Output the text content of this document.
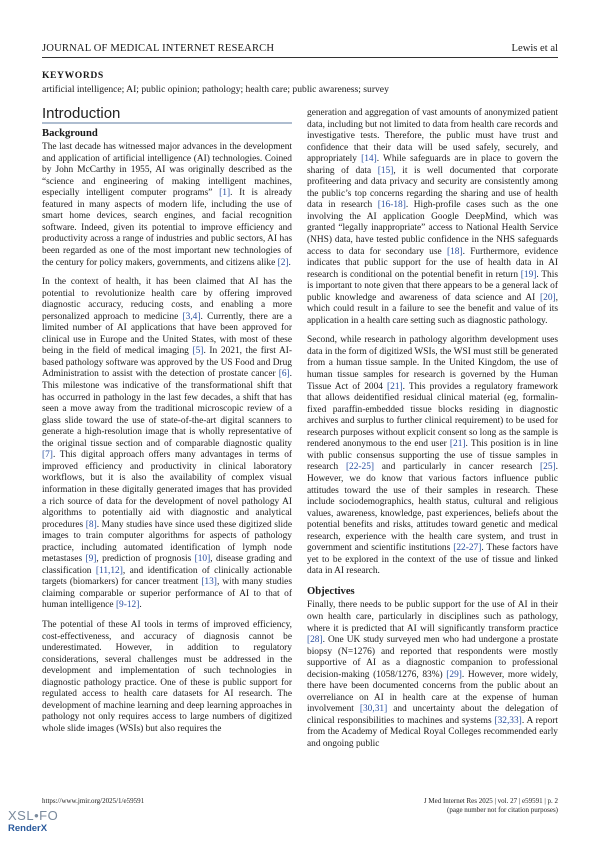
JOURNAL OF MEDICAL INTERNET RESEARCH	Lewis et al
KEYWORDS
artificial intelligence; AI; public opinion; pathology; health care; public awareness; survey
Introduction
Background

The last decade has witnessed major advances in the development and application of artificial intelligence (AI) technologies. Coined by John McCarthy in 1955, AI was originally described as the “science and engineering of making intelligent machines, especially intelligent computer programs” [1]. It is already featured in many aspects of modern life, including the use of smart home devices, search engines, and facial recognition software. Indeed, given its potential to improve efficiency and productivity across a range of industries and public sectors, AI has been regarded as one of the most important new technologies of the century for policy makers, governments, and citizens alike [2].

In the context of health, it has been claimed that AI has the potential to revolutionize health care by offering improved diagnostic accuracy, reducing costs, and enabling a more personalized approach to medicine [3,4]. Currently, there are a limited number of AI applications that have been approved for clinical use in Europe and the United States, with most of these being in the field of medical imaging [5]. In 2021, the first AI-based pathology software was approved by the US Food and Drug Administration to assist with the detection of prostate cancer [6]. This milestone was indicative of the transformational shift that has occurred in pathology in the last few decades, a shift that has seen a move away from the traditional microscopic review of a glass slide toward the use of state-of-the-art digital scanners to generate a high-resolution image that is wholly representative of the original tissue section and of comparable diagnostic quality [7]. This digital approach offers many advantages in terms of improved efficiency and productivity in clinical laboratory workflows, but it is also the availability of complex visual information in these digitally generated images that has provided a rich source of data for the development of novel pathology AI algorithms to potentially aid with diagnostic and analytical procedures [8]. Many studies have since used these digitized slide images to train computer algorithms for aspects of pathology practice, including automated identification of lymph node metastases [9], prediction of prognosis [10], disease grading and classification [11,12], and identification of clinically actionable targets (biomarkers) for cancer treatment [13], with many studies claiming comparable or superior performance of AI to that of human intelligence [9-12].

The potential of these AI tools in terms of improved efficiency, cost-effectiveness, and accuracy of diagnosis cannot be underestimated. However, in addition to regulatory considerations, several challenges must be addressed in the development and implementation of such technologies in diagnostic pathology practice. One of these is public support for regulated access to health care datasets for AI research. The development of machine learning and deep learning approaches in pathology not only requires access to large numbers of digitized whole slide images (WSIs) but also requires the

generation and aggregation of vast amounts of anonymized patient data, including but not limited to data from health care records and investigative tests. Therefore, the public must have trust and confidence that their data will be used safely, securely, and appropriately [14]. While safeguards are in place to govern the sharing of data [15], it is well documented that corporate profiteering and data privacy and security are consistently among the public’s top concerns regarding the sharing and use of health data in research [16-18]. High-profile cases such as the one involving the AI application Google DeepMind, which was granted “legally inappropriate” access to National Health Service (NHS) data, have tested public confidence in the NHS safeguards access to data for secondary use [18]. Furthermore, evidence indicates that public support for the use of health data in AI research is conditional on the potential benefit in return [19]. This is important to note given that there appears to be a general lack of public knowledge and awareness of data science and AI [20], which could result in a failure to see the benefit and value of its application in a health care setting such as diagnostic pathology.

Second, while research in pathology algorithm development uses data in the form of digitized WSIs, the WSI must still be generated from a human tissue sample. In the United Kingdom, the use of human tissue samples for research is governed by the Human Tissue Act of 2004 [21]. This provides a regulatory framework that allows deidentified residual clinical material (eg, formalin-fixed paraffin-embedded tissue blocks residing in diagnostic archives and surplus to further clinical requirement) to be used for research purposes without explicit consent so long as the sample is rendered anonymous to the end user [21]. This position is in line with public consensus supporting the use of tissue samples in research [22-25] and particularly in cancer research [25]. However, we do know that various factors influence public attitudes toward the use of their samples in research. These include sociodemographics, health status, cultural and religious values, awareness, knowledge, past experiences, beliefs about the potential benefits and risks, attitudes toward genetic and medical research, experience with the health care system, and trust in government and scientific institutions [22-27]. These factors have yet to be explored in the context of the use of tissue and linked data in AI research.

Objectives

Finally, there needs to be public support for the use of AI in their own health care, particularly in disciplines such as pathology, where it is predicted that AI will significantly transform practice [28]. One UK study surveyed men who had undergone a prostate biopsy (N=1276) and reported that respondents were mostly supportive of AI as a diagnostic companion to professional decision-making (1058/1276, 83%) [29]. However, more widely, there have been documented concerns from the public about an overreliance on AI in health care at the expense of human involvement [30,31] and uncertainty about the delegation of clinical responsibilities to machines and systems [32,33]. A report from the Academy of Medical Royal Colleges recommended early and ongoing public

https://www.jmir.org/2025/1/e59591	J Med Internet Res 2025 | vol. 27 | e59591 | p. 2
(page number not for citation purposes)
XSL•FO
RenderX
